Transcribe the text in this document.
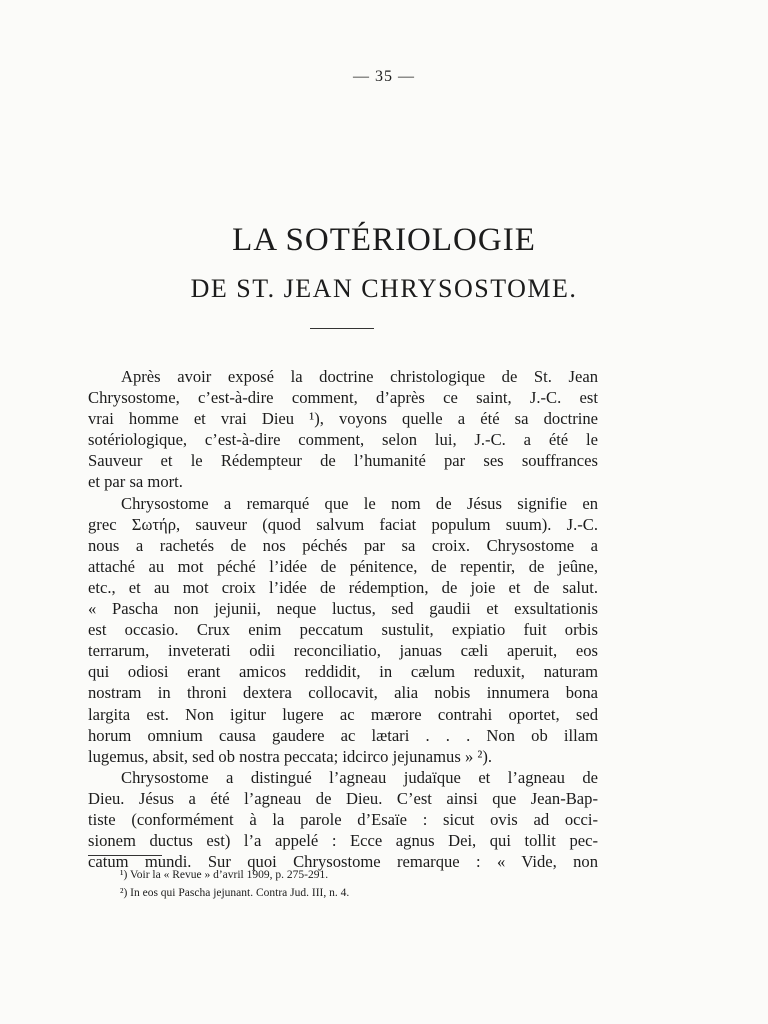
— 35 —
LA SOTÉRIOLOGIE
DE ST. JEAN CHRYSOSTOME.
Après avoir exposé la doctrine christologique de St. Jean
Chrysostome, c’est-à-dire comment, d’après ce saint, J.-C. est
vrai homme et vrai Dieu ¹), voyons quelle a été sa doctrine
sotériologique, c’est-à-dire comment, selon lui, J.-C. a été le
Sauveur et le Rédempteur de l’humanité par ses souffrances
et par sa mort.
Chrysostome a remarqué que le nom de Jésus signifie en
grec Σωτήρ, sauveur (quod salvum faciat populum suum). J.-C.
nous a rachetés de nos péchés par sa croix. Chrysostome a
attaché au mot péché l’idée de pénitence, de repentir, de jeûne,
etc., et au mot croix l’idée de rédemption, de joie et de salut.
« Pascha non jejunii, neque luctus, sed gaudii et exsultationis
est occasio. Crux enim peccatum sustulit, expiatio fuit orbis
terrarum, inveterati odii reconciliatio, januas cæli aperuit, eos
qui odiosi erant amicos reddidit, in cælum reduxit, naturam
nostram in throni dextera collocavit, alia nobis innumera bona
largita est. Non igitur lugere ac mærore contrahi oportet, sed
horum omnium causa gaudere ac lætari . . . Non ob illam
lugemus, absit, sed ob nostra peccata; idcirco jejunamus » ²).
Chrysostome a distingué l’agneau judaïque et l’agneau de
Dieu. Jésus a été l’agneau de Dieu. C’est ainsi que Jean-Bap-
tiste (conformément à la parole d’Esaïe : sicut ovis ad occi-
sionem ductus est) l’a appelé : Ecce agnus Dei, qui tollit pec-
catum mundi. Sur quoi Chrysostome remarque : « Vide, non
¹) Voir la « Revue » d’avril 1909, p. 275-291.
²) In eos qui Pascha jejunant. Contra Jud. III, n. 4.
